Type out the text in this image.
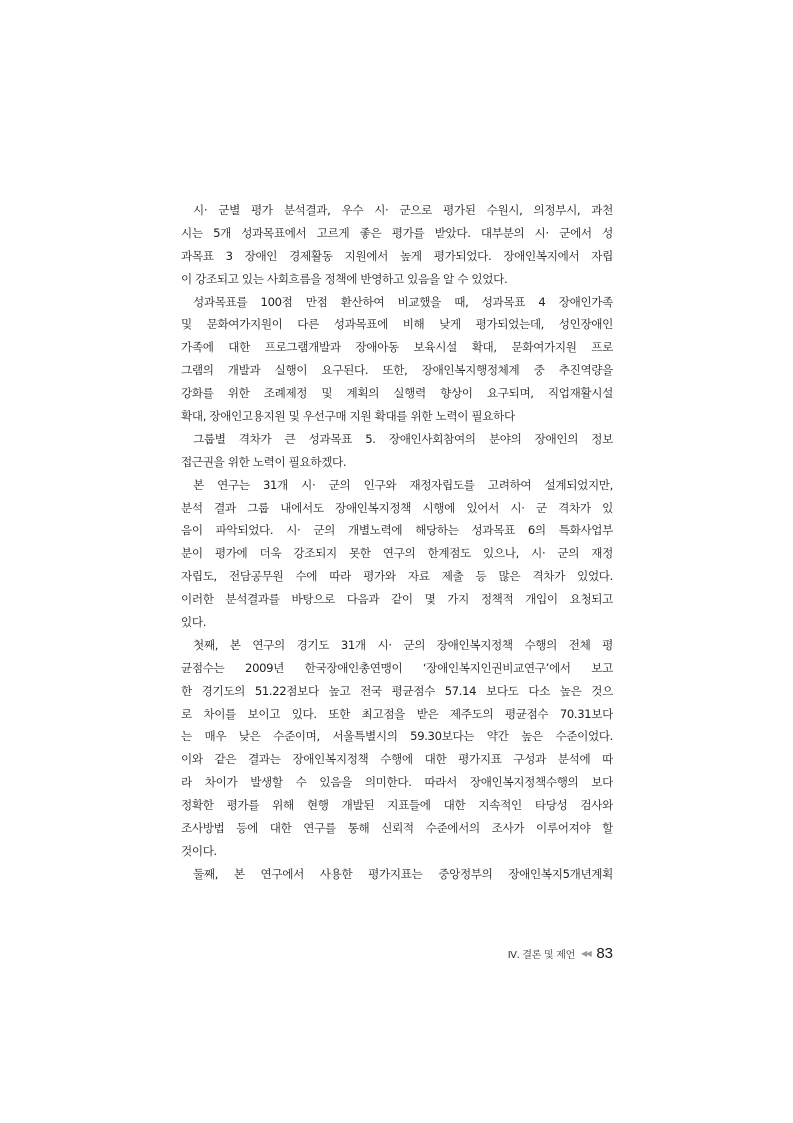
시· 군별 평가 분석결과, 우수 시· 군으로 평가된 수원시, 의정부시, 과천
시는 5개 성과목표에서 고르게 좋은 평가를 받았다. 대부분의 시· 군에서 성
과목표 3 장애인 경제활동 지원에서 높게 평가되었다. 장애인복지에서 자립
이 강조되고 있는 사회흐름을 정책에 반영하고 있음을 알 수 있었다.
성과목표를 100점 만점 환산하여 비교했을 때, 성과목표 4 장애인가족
및 문화여가지원이 다른 성과목표에 비해 낮게 평가되었는데, 성인장애인
가족에 대한 프로그램개발과 장애아동 보육시설 확대, 문화여가지원 프로
그램의 개발과 실행이 요구된다. 또한, 장애인복지행정체계 중 추진역량을
강화를 위한 조례제정 및 계획의 실행력 향상이 요구되며, 직업재활시설
확대, 장애인고용지원 및 우선구매 지원 확대를 위한 노력이 필요하다
그룹별 격차가 큰 성과목표 5. 장애인사회참여의 분야의 장애인의 정보
접근권을 위한 노력이 필요하겠다.
본 연구는 31개 시· 군의 인구와 재정자립도를 고려하여 설계되었지만,
분석 결과 그룹 내에서도 장애인복지정책 시행에 있어서 시· 군 격차가 있
음이 파악되었다. 시· 군의 개별노력에 해당하는 성과목표 6의 특화사업부
분이 평가에 더욱 강조되지 못한 연구의 한계점도 있으나, 시· 군의 재정
자립도, 전담공무원 수에 따라 평가와 자료 제출 등 많은 격차가 있었다.
이러한 분석결과를 바탕으로 다음과 같이 몇 가지 정책적 개입이 요청되고
있다.
첫째, 본 연구의 경기도 31개 시· 군의 장애인복지정책 수행의 전체 평
균점수는 2009년 한국장애인총연맹이 ‘장애인복지인권비교연구’에서 보고
한 경기도의 51.22점보다 높고 전국 평균점수 57.14 보다도 다소 높은 것으
로 차이를 보이고 있다. 또한 최고점을 받은 제주도의 평균점수 70.31보다
는 매우 낮은 수준이며, 서울특별시의 59.30보다는 약간 높은 수준이었다.
이와 같은 결과는 장애인복지정책 수행에 대한 평가지표 구성과 분석에 따
라 차이가 발생할 수 있음을 의미한다. 따라서 장애인복지정책수행의 보다
정확한 평가를 위해 현행 개발된 지표들에 대한 지속적인 타당성 검사와
조사방법 등에 대한 연구를 통해 신뢰적 수준에서의 조사가 이루어져야 할
것이다.
둘째, 본 연구에서 사용한 평가지표는 중앙정부의 장애인복지5개년계획
Ⅳ. 결론 및 제언 ◀◀ 83
